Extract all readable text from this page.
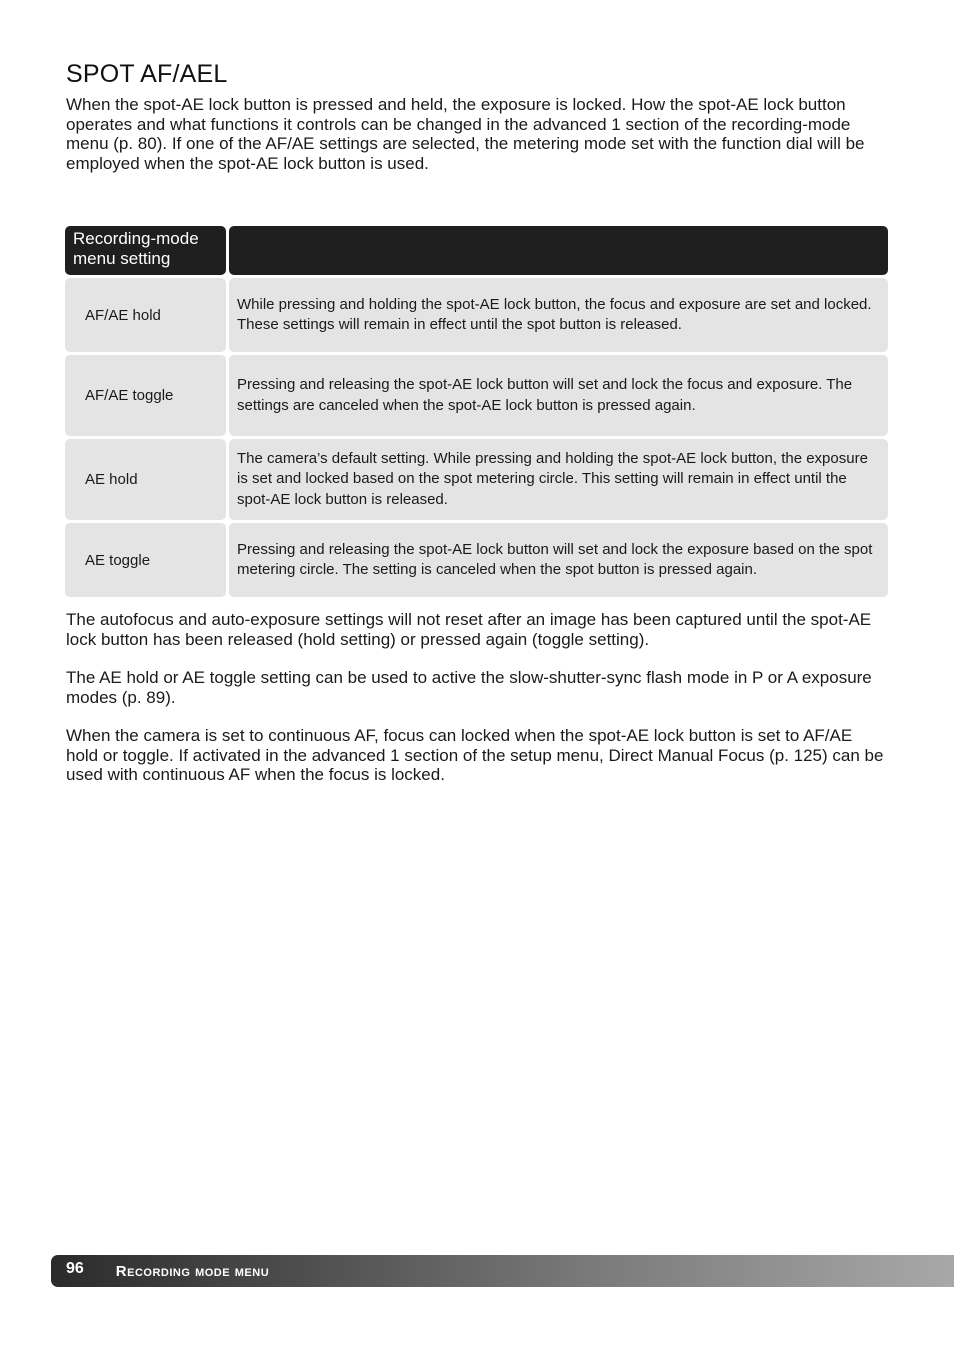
SPOT AF/AEL

When the spot-AE lock button is pressed and held, the exposure is locked. How the spot-AE lock button operates and what functions it controls can be changed in the advanced 1 section of the recording-mode menu (p. 80). If one of the AF/AE settings are selected, the metering mode set with the function dial will be employed when the spot-AE lock button is used.

Recording-mode menu setting
AF/AE hold
While pressing and holding the spot-AE lock button, the focus and exposure are set and locked. These settings will remain in effect until the spot button is released.
AF/AE toggle
Pressing and releasing the spot-AE lock button will set and lock the focus and exposure. The settings are canceled when the spot-AE lock button is pressed again.
AE hold
The camera’s default setting. While pressing and holding the spot-AE lock button, the exposure is set and locked based on the spot metering circle. This setting will remain in effect until the spot-AE lock button is released.
AE toggle
Pressing and releasing the spot-AE lock button will set and lock the exposure based on the spot metering circle. The setting is canceled when the spot button is pressed again.

The autofocus and auto-exposure settings will not reset after an image has been captured until the spot-AE lock button has been released (hold setting) or pressed again (toggle setting).

The AE hold or AE toggle setting can be used to active the slow-shutter-sync flash mode in P or A exposure modes (p. 89).

When the camera is set to continuous AF, focus can locked when the spot-AE lock button is set to AF/AE hold or toggle. If activated in the advanced 1 section of the setup menu, Direct Manual Focus (p. 125) can be used with continuous AF when the focus is locked.

96 Recording mode menu
